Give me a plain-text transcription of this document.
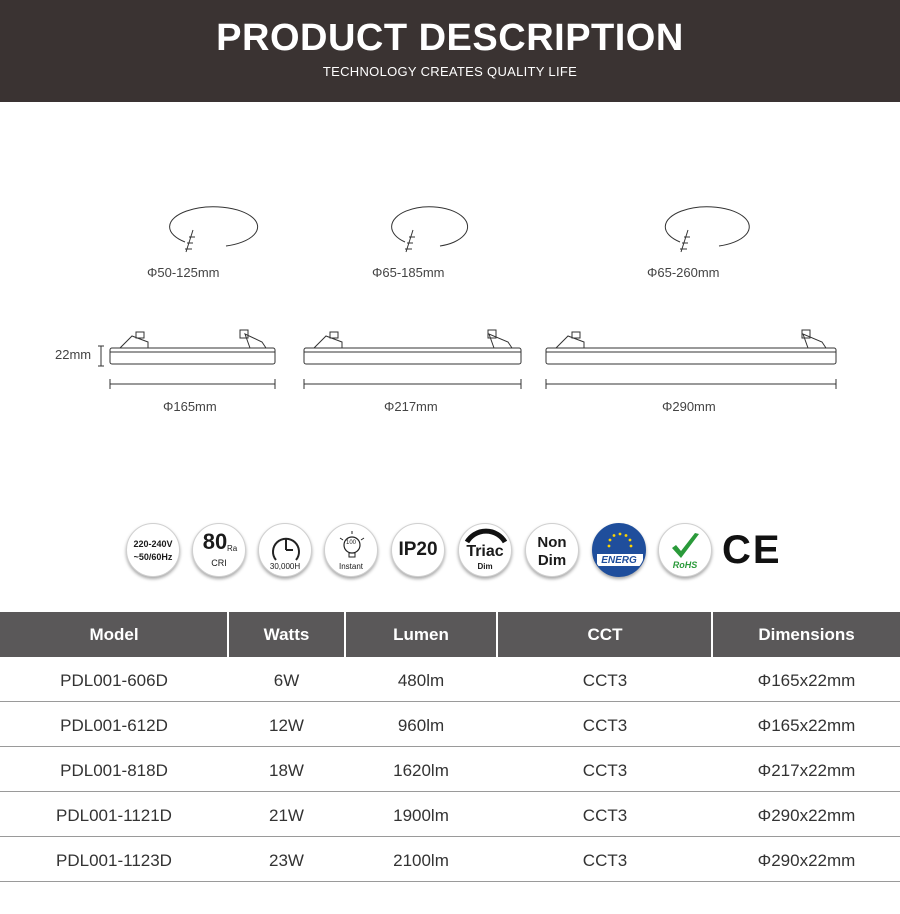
PRODUCT DESCRIPTION
TECHNOLOGY CREATES QUALITY LIFE
Φ50-125mm	Φ65-185mm	Φ65-260mm
22mm
Φ165mm	Φ217mm	Φ290mm
220-240V
~50/60Hz
80 Ra
CRI	30,000H
100
Instant
IP20	Triac
Dim
Non
Dim	ENERG	RoHS CE
Model	Watts	Lumen	CCT	Dimensions
PDL001-606D	6W	480lm	CCT3	Φ165x22mm
PDL001-612D	12W	960lm	CCT3	Φ165x22mm
PDL001-818D	18W	1620lm	CCT3	Φ217x22mm
PDL001-1121D	21W	1900lm	CCT3	Φ290x22mm
PDL001-1123D	23W	2100lm	CCT3	Φ290x22mm
